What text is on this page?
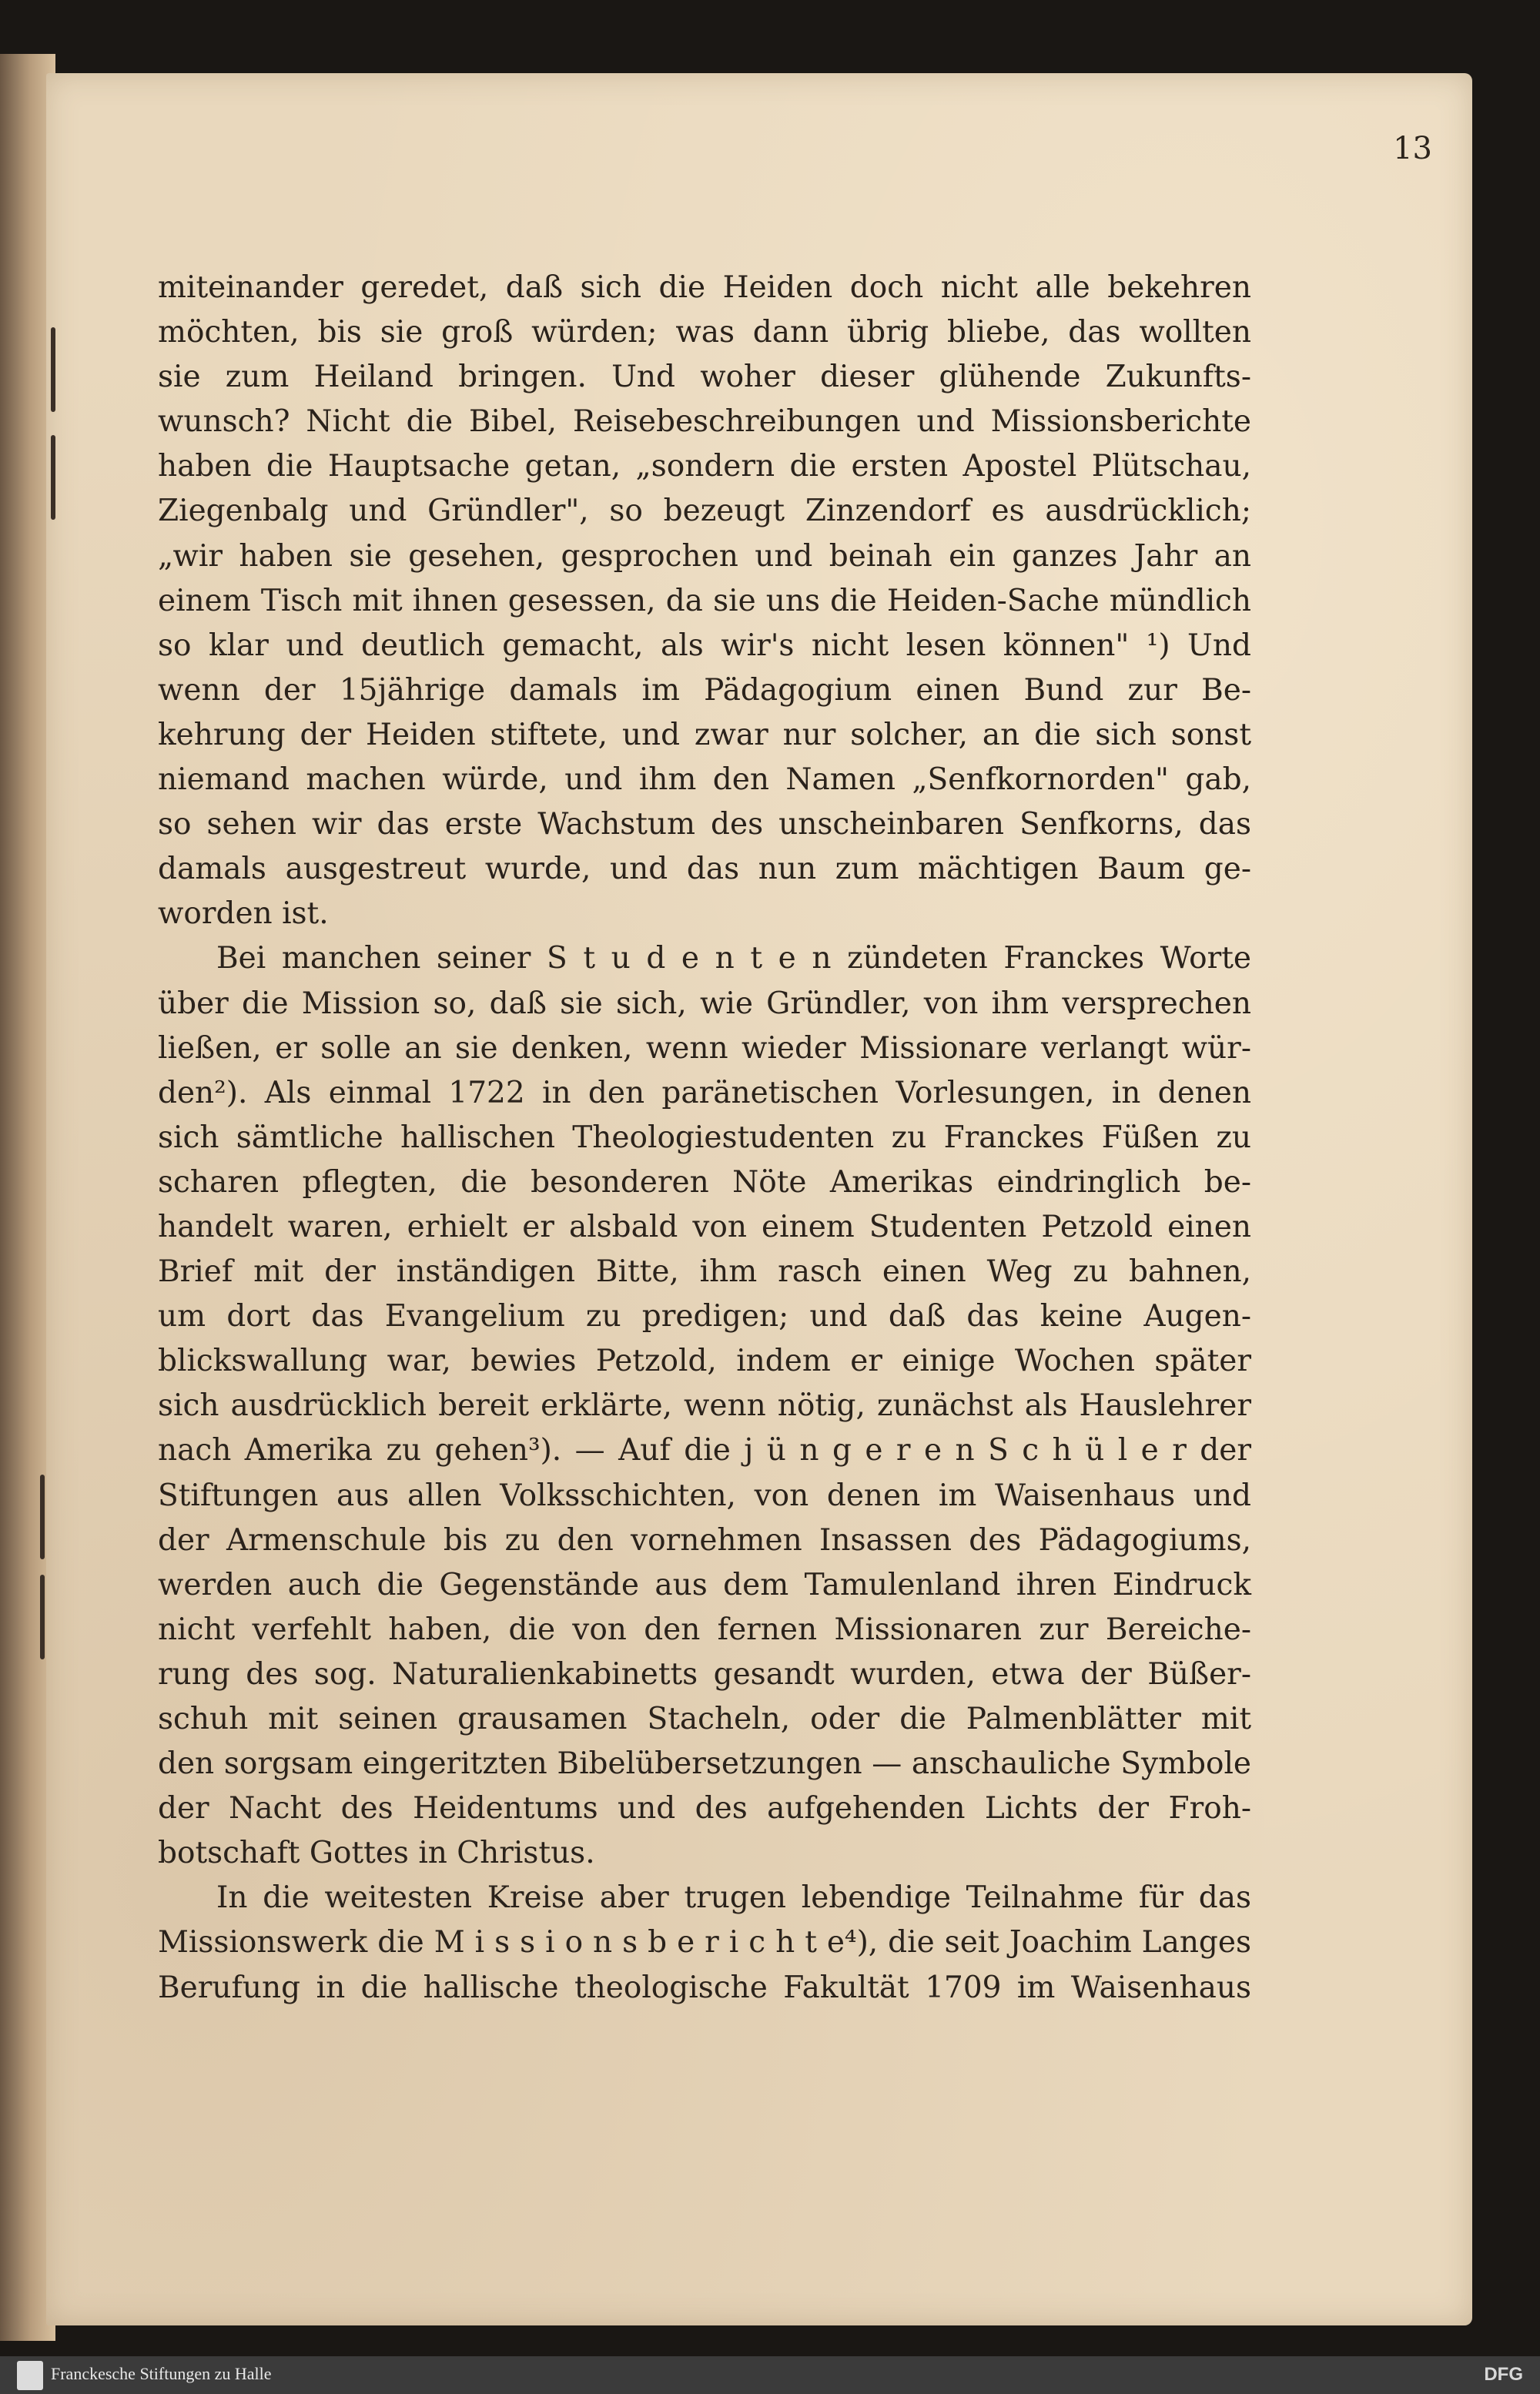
13
miteinander geredet, daß sich die Heiden doch nicht alle bekehren
möchten, bis sie groß würden; was dann übrig bliebe, das wollten
sie zum Heiland bringen. Und woher dieser glühende Zukunfts-
wunsch? Nicht die Bibel, Reisebeschreibungen und Missionsberichte
haben die Hauptsache getan, „sondern die ersten Apostel Plütschau,
Ziegenbalg und Gründler", so bezeugt Zinzendorf es ausdrücklich;
„wir haben sie gesehen, gesprochen und beinah ein ganzes Jahr an
einem Tisch mit ihnen gesessen, da sie uns die Heiden-Sache mündlich
so klar und deutlich gemacht, als wir's nicht lesen können" ¹) Und
wenn der 15jährige damals im Pädagogium einen Bund zur Be-
kehrung der Heiden stiftete, und zwar nur solcher, an die sich sonst
niemand machen würde, und ihm den Namen „Senfkornorden" gab,
so sehen wir das erste Wachstum des unscheinbaren Senfkorns, das
damals ausgestreut wurde, und das nun zum mächtigen Baum ge-
worden ist.
Bei manchen seiner S t u d e n t e n zündeten Franckes Worte
über die Mission so, daß sie sich, wie Gründler, von ihm versprechen
ließen, er solle an sie denken, wenn wieder Missionare verlangt wür-
den²). Als einmal 1722 in den paränetischen Vorlesungen, in denen
sich sämtliche hallischen Theologiestudenten zu Franckes Füßen zu
scharen pflegten, die besonderen Nöte Amerikas eindringlich be-
handelt waren, erhielt er alsbald von einem Studenten Petzold einen
Brief mit der inständigen Bitte, ihm rasch einen Weg zu bahnen,
um dort das Evangelium zu predigen; und daß das keine Augen-
blickswallung war, bewies Petzold, indem er einige Wochen später
sich ausdrücklich bereit erklärte, wenn nötig, zunächst als Hauslehrer
nach Amerika zu gehen³). — Auf die j ü n g e r e n S c h ü l e r der
Stiftungen aus allen Volksschichten, von denen im Waisenhaus und
der Armenschule bis zu den vornehmen Insassen des Pädagogiums,
werden auch die Gegenstände aus dem Tamulenland ihren Eindruck
nicht verfehlt haben, die von den fernen Missionaren zur Bereiche-
rung des sog. Naturalienkabinetts gesandt wurden, etwa der Büßer-
schuh mit seinen grausamen Stacheln, oder die Palmenblätter mit
den sorgsam eingeritzten Bibelübersetzungen — anschauliche Symbole
der Nacht des Heidentums und des aufgehenden Lichts der Froh-
botschaft Gottes in Christus.
In die weitesten Kreise aber trugen lebendige Teilnahme für das
Missionswerk die M i s s i o n s b e r i c h t e⁴), die seit Joachim Langes
Berufung in die hallische theologische Fakultät 1709 im Waisenhaus
Franckesche Stiftungen zu Halle	DFG
